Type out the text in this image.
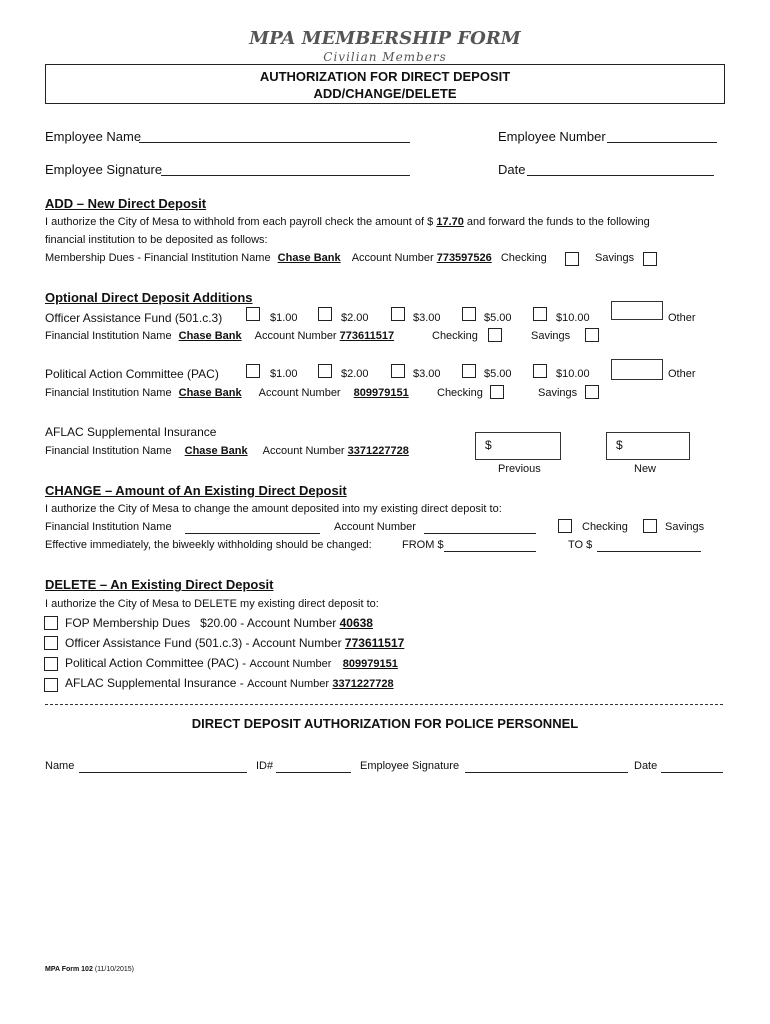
MPA MEMBERSHIP FORM
Civilian Members
AUTHORIZATION FOR DIRECT DEPOSIT
ADD/CHANGE/DELETE
Employee Name	Employee Number
Employee Signature	Date
ADD – New Direct Deposit
I authorize the City of Mesa to withhold from each payroll check the amount of $ 17.70 and forward the funds to the following
financial institution to be deposited as follows:
Membership Dues - Financial Institution Name Chase Bank Account Number 773597526 Checking	Savings
Optional Direct Deposit Additions
Officer Assistance Fund (501.c.3)	$1.00	$2.00	$3.00	$5.00	$10.00	Other
Financial Institution Name Chase Bank Account Number 773611517	Checking	Savings
Political Action Committee (PAC)	$1.00	$2.00	$3.00	$5.00	$10.00	Other
Financial Institution Name Chase Bank Account Number 809979151	Checking	Savings
AFLAC Supplemental Insurance
Financial Institution Name Chase Bank Account Number 3371227728	$	$
Previous	New
CHANGE – Amount of An Existing Direct Deposit
I authorize the City of Mesa to change the amount deposited into my existing direct deposit to:
Financial Institution Name	Account Number	Checking	Savings
Effective immediately, the biweekly withholding should be changed:	FROM $	TO $
DELETE – An Existing Direct Deposit
I authorize the City of Mesa to DELETE my existing direct deposit to:
FOP Membership Dues   $20.00 - Account Number 40638
Officer Assistance Fund (501.c.3) - Account Number 773611517
Political Action Committee (PAC) - Account Number 809979151
AFLAC Supplemental Insurance - Account Number 3371227728
DIRECT DEPOSIT AUTHORIZATION FOR POLICE PERSONNEL
Name	ID#	Employee Signature	Date
MPA Form 102 (11/10/2015)
